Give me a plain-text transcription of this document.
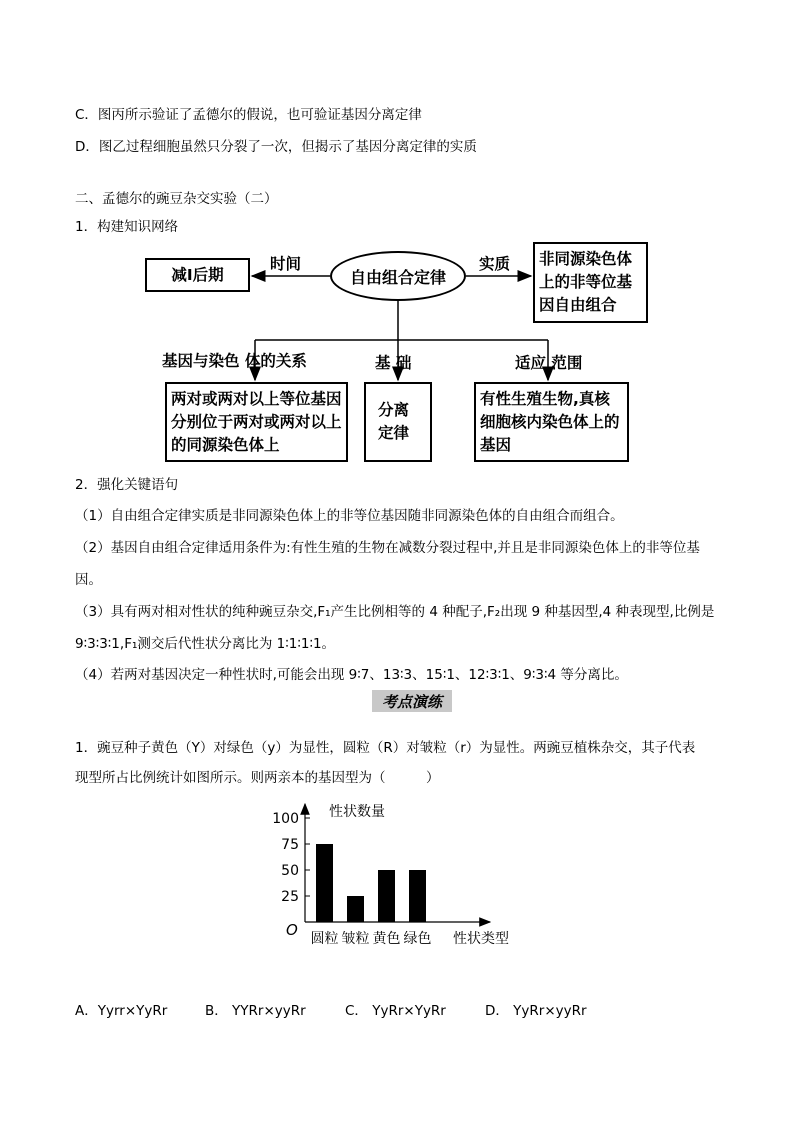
C．图丙所示验证了孟德尔的假说，也可验证基因分离定律
D．图乙过程细胞虽然只分裂了一次，但揭示了基因分离定律的实质
二、孟德尔的豌豆杂交实验（二）
1．构建知识网络
减Ⅰ后期
时间
自由组合定律
实质	非同源染色体上的非等位基因自由组合
基因与染色 体的关系	基 础	适应 范围
两对或两对以上等位基因分别位于两对或两对以上的同源染色体上
分离定律
有性生殖生物,真核细胞核内染色体上的基因
2．强化关键语句
（1）自由组合定律实质是非同源染色体上的非等位基因随非同源染色体的自由组合而组合。
（2）基因自由组合定律适用条件为:有性生殖的生物在减数分裂过程中,并且是非同源染色体上的非等位基因。
（3）具有两对相对性状的纯种豌豆杂交,F₁产生比例相等的 4 种配子,F₂出现 9 种基因型,4 种表现型,比例是 9∶3∶3∶1,F₁测交后代性状分离比为 1∶1∶1∶1。
（4）若两对基因决定一种性状时,可能会出现 9∶7、13∶3、15∶1、12∶3∶1、9∶3∶4 等分离比。
考点演练
1．豌豆种子黄色（Y）对绿色（y）为显性，圆粒（R）对皱粒（r）为显性。两豌豆植株杂交，其子代表
现型所占比例统计如图所示。则两亲本的基因型为（　　　）
25
50
75
100
圆粒 皱粒 黄色 绿色
性状数量
性状类型
O
A．Yyrr×YyRr	B． YYRr×yyRr	C． YyRr×YyRr	D． YyRr×yyRr
